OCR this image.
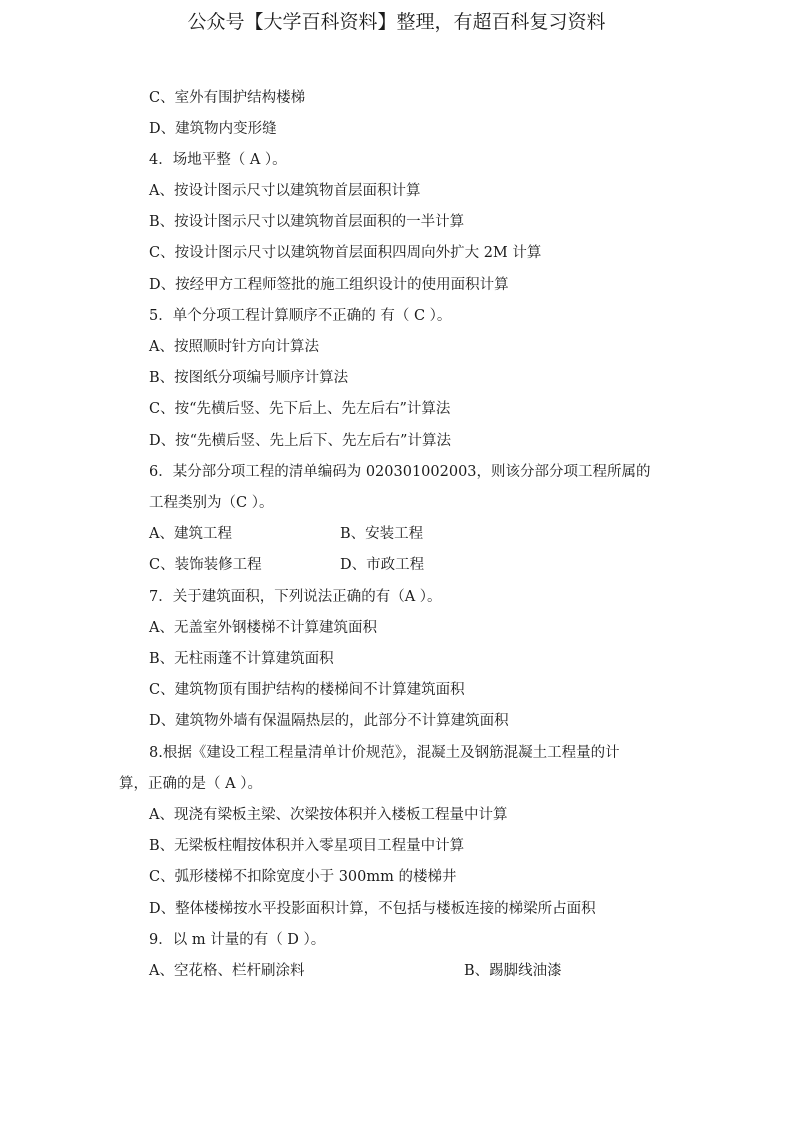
公众号【大学百科资料】整理，有超百科复习资料
C、室外有围护结构楼梯
D、建筑物内变形缝
4．场地平整（ A ）。
A、按设计图示尺寸以建筑物首层面积计算
B、按设计图示尺寸以建筑物首层面积的一半计算
C、按设计图示尺寸以建筑物首层面积四周向外扩大 2M 计算
D、按经甲方工程师签批的施工组织设计的使用面积计算
5．单个分项工程计算顺序不正确的 有（ C ）。
A、按照顺时针方向计算法
B、按图纸分项编号顺序计算法
C、按“先横后竖、先下后上、先左后右”计算法
D、按“先横后竖、先上后下、先左后右”计算法
6．某分部分项工程的清单编码为 020301002003，则该分部分项工程所属的
工程类别为（C ）。
A、建筑工程	B、安装工程
C、装饰装修工程	D、市政工程
7．关于建筑面积，下列说法正确的有（A ）。
A、无盖室外钢楼梯不计算建筑面积
B、无柱雨蓬不计算建筑面积
C、建筑物顶有围护结构的楼梯间不计算建筑面积
D、建筑物外墙有保温隔热层的，此部分不计算建筑面积
8.根据《建设工程工程量清单计价规范》，混凝土及钢筋混凝土工程量的计
算，正确的是（ A ）。
A、现浇有梁板主梁、次梁按体积并入楼板工程量中计算
B、无梁板柱帽按体积并入零星项目工程量中计算
C、弧形楼梯不扣除宽度小于 300mm 的楼梯井
D、整体楼梯按水平投影面积计算，不包括与楼板连接的梯梁所占面积
9．以 m 计量的有（ D ）。
A、空花格、栏杆刷涂料	B、踢脚线油漆
